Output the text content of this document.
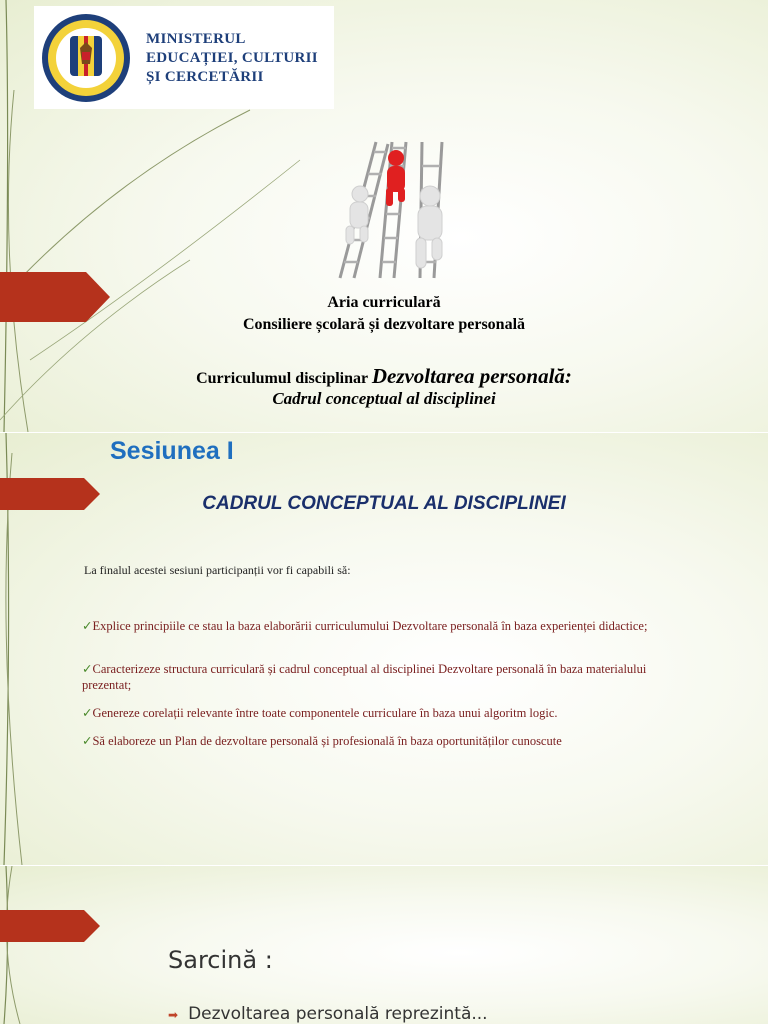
MINISTERUL
EDUCAȚIEI, CULTURII
ȘI CERCETĂRII
Aria curriculară
Consiliere școlară și dezvoltare personală
Curriculumul disciplinar Dezvoltarea personală:
Cadrul conceptual al disciplinei
Sesiunea I
CADRUL CONCEPTUAL AL DISCIPLINEI
La finalul acestei sesiuni participanții vor fi capabili să:
✓Explice principiile ce stau la baza elaborării curriculumului Dezvoltare personală în baza experienței didactice;
✓Caracterizeze structura curriculară și cadrul conceptual al disciplinei Dezvoltare personală în baza materialului prezentat;
✓Genereze corelații relevante între toate componentele curriculare în baza unui algoritm logic.
✓Să elaboreze un Plan de dezvoltare personală și profesională în baza oportunităților cunoscute
Sarcină :
➡ Dezvoltarea personală reprezintă...
